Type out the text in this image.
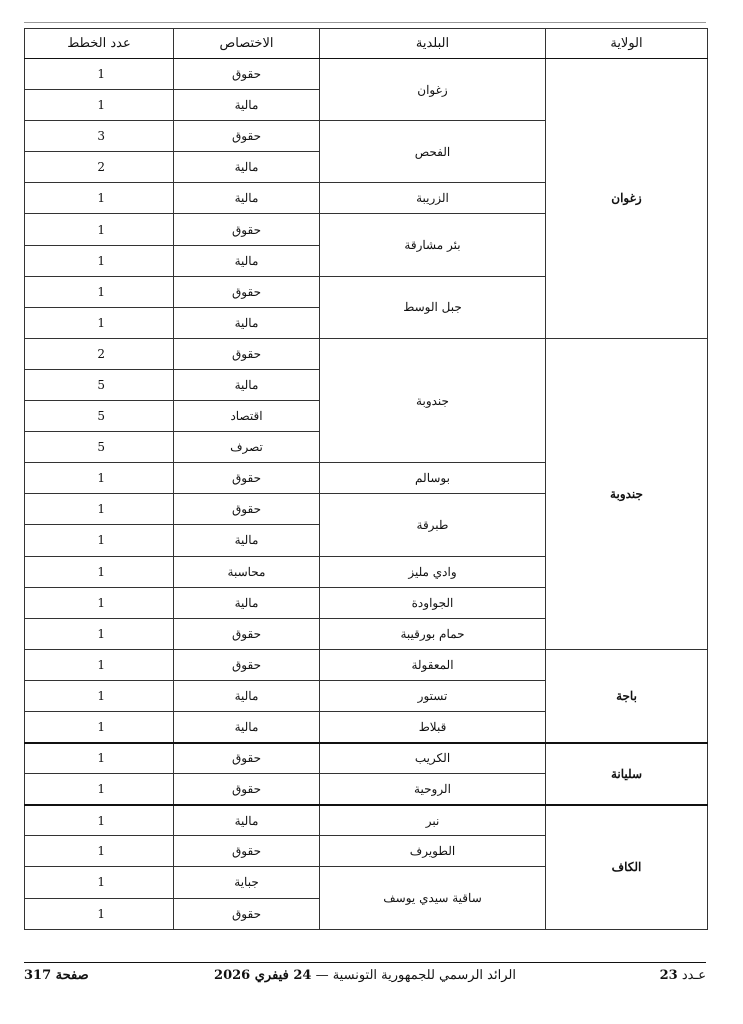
الولاية	البلدية	الاختصاص	عدد الخطط
زغوان	زغوان	حقوق	1
		مالية	1
	الفحص	حقوق	3
		مالية	2
	الزريبة	مالية	1
	بئر مشارقة	حقوق	1
		مالية	1
	جبل الوسط	حقوق	1
		مالية	1
جندوبة	جندوبة	حقوق	2
		مالية	5
		اقتصاد	5
		تصرف	5
	بوسالم	حقوق	1
	طبرقة	حقوق	1
		مالية	1
	وادي مليز	محاسبة	1
	الجواودة	مالية	1
	حمام بورقيبة	حقوق	1
باجة	المعقولة	حقوق	1
	تستور	مالية	1
	قبلاط	مالية	1
سليانة	الكريب	حقوق	1
	الروحية	حقوق	1
الكاف	نبر	مالية	1
	الطويرف	حقوق	1
	ساقية سيدي يوسف	جباية	1
		حقوق	1
صفحة 317	الرائد الرسمي للجمهورية التونسية — 24 فيفري 2026	عـدد 23
